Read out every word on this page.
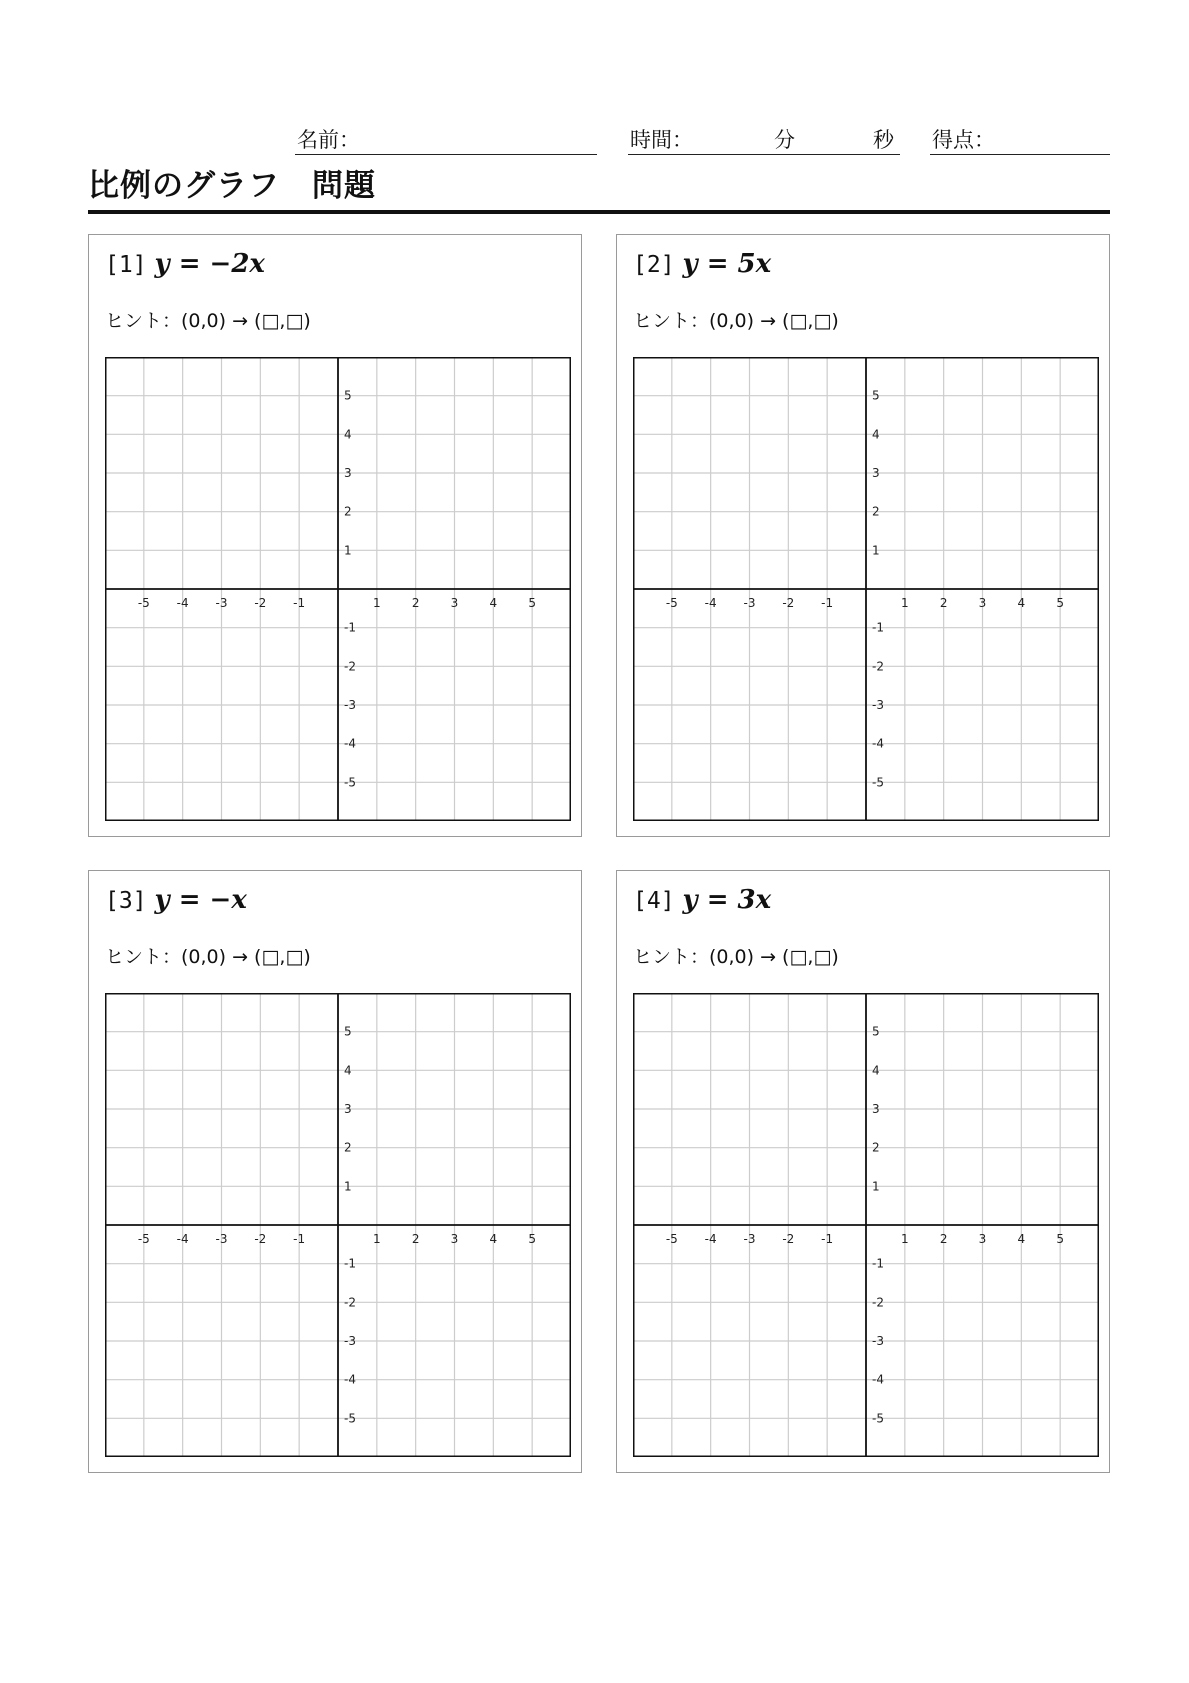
名前：	時間：	分	秒 得点：
比例のグラフ　問題
[1] y = −2x
ヒント：(0,0) → (□,□)
-5 -4 -3 -2 -1	1	2	3	4	5
5
4
3
2
1
-1
-2
-3
-4
-5
[2] y = 5x
ヒント：(0,0) → (□,□)
-5 -4 -3 -2 -1	1	2	3	4	5
5
4
3
2
1
-1
-2
-3
-4
-5
[3] y = −x
ヒント：(0,0) → (□,□)
-5 -4 -3 -2 -1	1	2	3	4	5
5
4
3
2
1
-1
-2
-3
-4
-5
[4] y = 3x
ヒント：(0,0) → (□,□)
-5 -4 -3 -2 -1	1	2	3	4	5
5
4
3
2
1
-1
-2
-3
-4
-5
